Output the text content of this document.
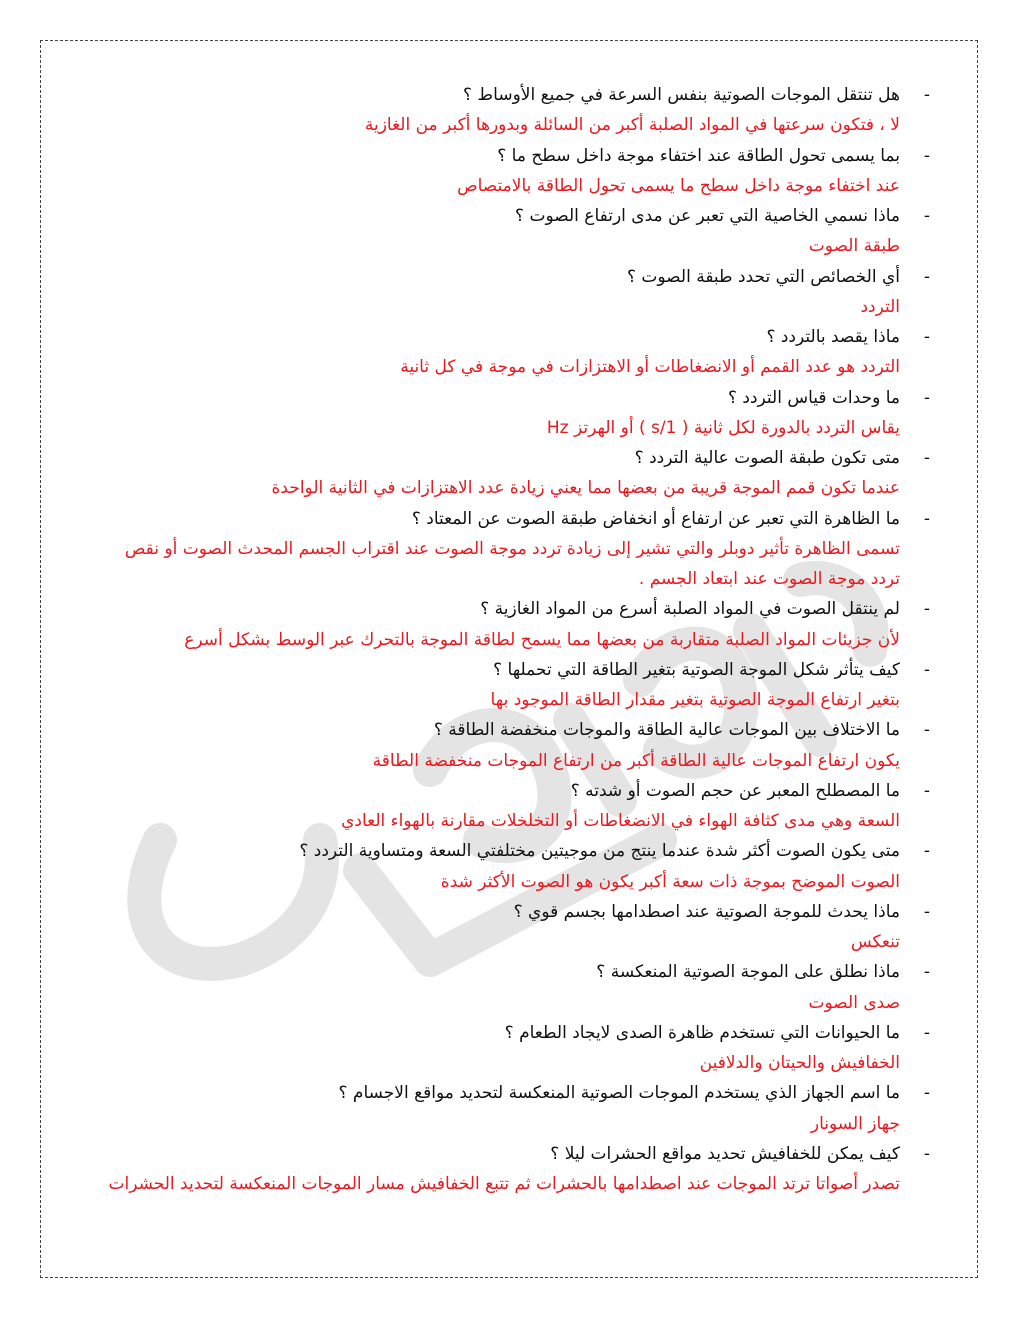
-
هل تنتقل الموجات الصوتية بنفس السرعة في جميع الأوساط ؟
لا ، فتكون سرعتها في المواد الصلبة أكبر من السائلة وبدورها أكبر من الغازية
-
بما يسمى تحول الطاقة عند اختفاء موجة داخل سطح ما ؟
عند اختفاء موجة داخل سطح ما يسمى تحول الطاقة بالامتصاص
-
ماذا نسمي الخاصية التي تعبر عن مدى ارتفاع الصوت ؟
طبقة الصوت
-
أي الخصائص التي تحدد طبقة الصوت ؟
التردد
-
ماذا يقصد بالتردد ؟
التردد هو عدد القمم أو الانضغاطات أو الاهتزازات في موجة في كل ثانية
-
ما وحدات قياس التردد ؟
يقاس التردد بالدورة لكل ثانية ( 1/s ) أو الهرتز Hz
-
متى تكون طبقة الصوت عالية التردد ؟
عندما تكون قمم الموجة قريبة من بعضها مما يعني زيادة عدد الاهتزازات في الثانية الواحدة
-
ما الظاهرة التي تعبر عن ارتفاع أو انخفاض طبقة الصوت عن المعتاد ؟
تسمى الظاهرة تأثير دوبلر والتي تشير إلى زيادة تردد موجة الصوت عند اقتراب الجسم المحدث الصوت أو نقص
تردد موجة الصوت عند ابتعاد الجسم .
-
لم ينتقل الصوت في المواد الصلبة أسرع من المواد الغازية ؟
لأن جزيئات المواد الصلبة متقاربة من بعضها مما يسمح لطاقة الموجة بالتحرك عبر الوسط بشكل أسرع
-
كيف يتأثر شكل الموجة الصوتية بتغير الطاقة التي تحملها ؟
بتغير ارتفاع الموجة الصوتية بتغير مقدار الطاقة الموجود بها
-
ما الاختلاف بين الموجات عالية الطاقة والموجات منخفضة الطاقة ؟
يكون ارتفاع الموجات عالية الطاقة أكبر من ارتفاع الموجات منخفضة الطاقة
-
ما المصطلح المعبر عن حجم الصوت أو شدته ؟
السعة وهي مدى كثافة الهواء في الانضغاطات أو التخلخلات مقارنة بالهواء العادي
-
متى يكون الصوت أكثر شدة عندما ينتج من موجيتين مختلفتي السعة ومتساوية التردد ؟
الصوت الموضح بموجة ذات سعة أكبر يكون هو الصوت الأكثر شدة
-
ماذا يحدث للموجة الصوتية عند اصطدامها بجسم قوي ؟
تنعكس
-
ماذا نطلق على الموجة الصوتية المنعكسة ؟
صدى الصوت
-
ما الحيوانات التي تستخدم ظاهرة الصدى لايجاد الطعام ؟
الخفافيش والحيتان والدلافين
-
ما اسم الجهاز الذي يستخدم الموجات الصوتية المنعكسة لتحديد مواقع الاجسام ؟
جهاز السونار
-
كيف يمكن للخفافيش تحديد مواقع الحشرات ليلا ؟
تصدر أصواتا ترتد الموجات عند اصطدامها بالحشرات ثم تتبع الخفافيش مسار الموجات المنعكسة لتحديد الحشرات
